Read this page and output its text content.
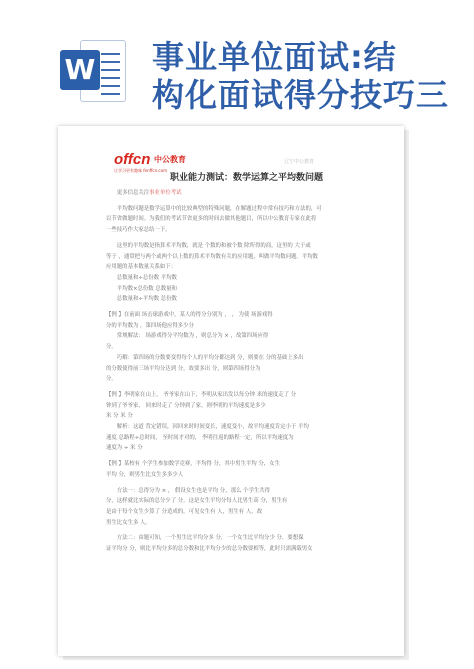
W 事业单位面试:结
构化面试得分技巧三
offcn 中公教育
让学习更有趣味 fenffcn.com
辽宁中公教育
职业能力测试：数学运算之平均数问题
　　更多信息关注事业单位考试
　　平均数问题是数学运算中的比较典型的特殊问题，在解题过程中常有技巧和方法的，可
以节省做题时间。为我们的考试节省更多的时间去做其他题目，所以中公教育专家在此将
一些技巧作大家总结一下。
　　这里的平均数是指算术平均数，就是 个数的和被个数 除所得的商，这里的 大于或
等于 ，通常把与两个或两个以上数的算术平均数有关的应用题，叫做平均数问题。平均数
应用题的基本数量关系如下：
　　总数量和÷总份数 平均数
　　平均数×总份数 总数量和
　　总数量和÷平均数 总份数
【例 】在前面 场击球游戏中，某人的得分分别为 ， ， 为使 场游戏得
分的平均数为 ，第四场他应得多少分
　　常规解法： 场游戏得分平均数为 ，则总分为 × ，故第四场应得
分。
　　巧解：第四场的分数要变得每个人的平均分都达到 分，则要在 分的基础上多出
的分数使得前三场平均分达到 分，故要多出 分，则第四场得分为
分。
【例 】李明家在山上， 爷爷家在山下，李明从家出发以每分钟 米的速度走了 分
钟到了爷爷家， 回来时走了 分钟到了家，则李明的平均速度是多少
米 分 米 分
　　解析：这道 背定错误，因回来时时间变长，速度变小，故平均速度肯定小于 平均
速度 总路程÷总时间， 至时间才对的， 李明往返的路程一定，所以平均速度为
速度为 ÷ 米 分
【例 】某校有 个学生参加数学竞赛，平均得 分，其中男生平均 分，女生
平均 分，则男生比女生多多少人
　　方法一：总得分为 × ， 假设女生也是平均 分，那么 个学生共得
分，这样就比实际的总分少了 分，这是女生平均分每人比男生高 分，男生有
是由于每个女生少算了 分造成的，可见女生有 人，男生有 人，故
男生比女生多 人。
　　方法二：由题可知，一个男生比平均分多 分，一个女生比平均分少 分，要想保
证平均分 分，则比平均分多的总分数和比平均分少的总分数要相等，此时只需满载男女
